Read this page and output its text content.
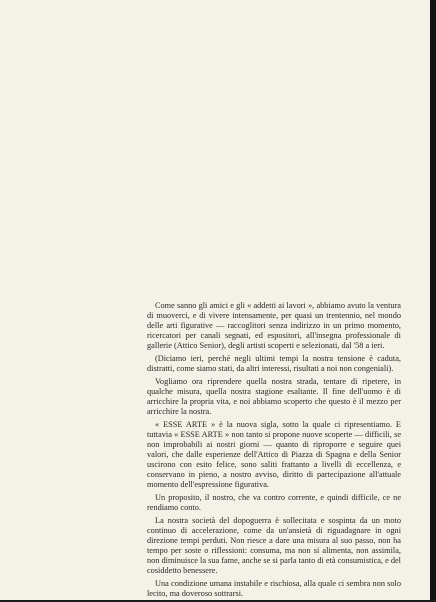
Come sanno gli amici e gli « addetti ai lavori », abbiamo avuto la ventura di muoverci, e di vivere intensamente, per quasi un trentennio, nel mondo delle arti figurative — raccoglitori senza indirizzo in un primo momento, ricercatori per canali segnati, ed espositori, all'insegna professionale di gallerie (Attico Senior), degli artisti scoperti e selezionati, dal '58 a ieri.

(Diciamo ieri, perché negli ultimi tempi la nostra tensione è caduta, distratti, come siamo stati, da altri interessi, risultati a noi non congeniali).

Vogliamo ora riprendere quella nostra strada, tentare di ripetere, in qualche misura, quella nostra stagione esaltante. Il fine dell'uomo è di arricchire la propria vita, e noi abbiamo scoperto che questo è il mezzo per arricchire la nostra.

« ESSE ARTE » è la nuova sigla, sotto la quale ci ripresentiamo. E tuttavia « ESSE ARTE » non tanto si propone nuove scoperte — difficili, se non improbabili ai nostri giorni — quanto di riproporre e seguire quei valori, che dalle esperienze dell'Attico di Piazza di Spagna e della Senior uscirono con esito felice, sono saliti frattanto a livelli di eccellenza, e conservano in pieno, a nostro avviso, diritto di partecipazione all'attuale momento dell'espressione figurativa.

Un proposito, il nostro, che va contro corrente, e quindi difficile, ce ne rendiamo conto.

La nostra società del dopoguerra è sollecitata e sospinta da un moto continuo di accelerazione, come da un'ansietà di riguadagnare in ogni direzione tempi perduti. Non riesce a dare una misura al suo passo, non ha tempo per soste o riflessioni: consuma, ma non si alimenta, non assimila, non diminuisce la sua fame, anche se si parla tanto di età consumistica, e del cosiddetto benessere.

Una condizione umana instabile e rischiosa, alla quale ci sembra non solo lecito, ma doveroso sottrarsi.
